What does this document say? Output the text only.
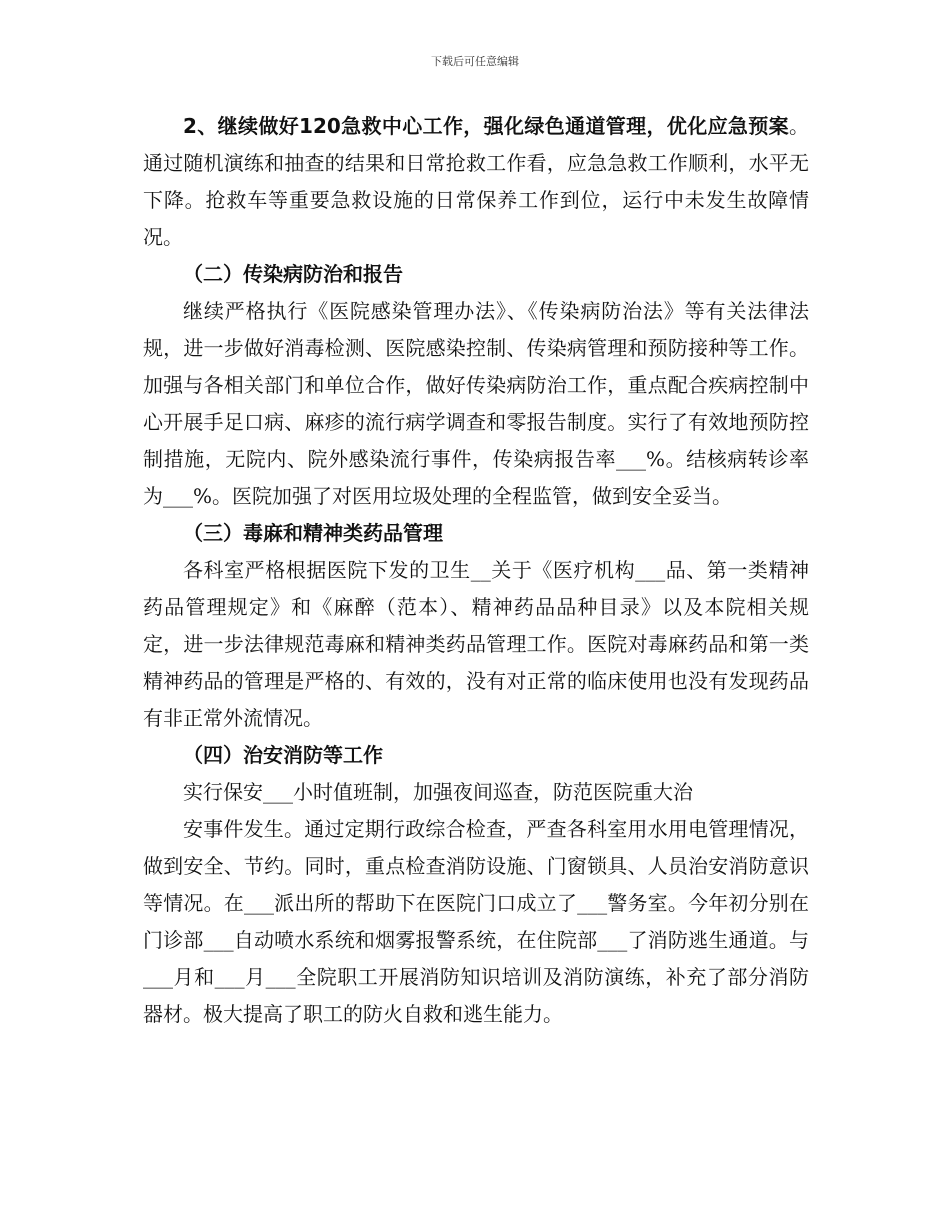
下载后可任意编辑

2、继续做好120急救中心工作，强化绿色通道管理，优化应急预案。通过随机演练和抽查的结果和日常抢救工作看，应急急救工作顺利，水平无下降。抢救车等重要急救设施的日常保养工作到位，运行中未发生故障情况。

（二）传染病防治和报告

继续严格执行《医院感染管理办法》、《传染病防治法》等有关法律法规，进一步做好消毒检测、医院感染控制、传染病管理和预防接种等工作。加强与各相关部门和单位合作，做好传染病防治工作，重点配合疾病控制中心开展手足口病、麻疹的流行病学调查和零报告制度。实行了有效地预防控制措施，无院内、院外感染流行事件，传染病报告率___%。结核病转诊率为___%。医院加强了对医用垃圾处理的全程监管，做到安全妥当。

（三）毒麻和精神类药品管理

各科室严格根据医院下发的卫生__关于《医疗机构___品、第一类精神药品管理规定》和《麻醉（范本）、精神药品品种目录》以及本院相关规定，进一步法律规范毒麻和精神类药品管理工作。医院对毒麻药品和第一类精神药品的管理是严格的、有效的，没有对正常的临床使用也没有发现药品有非正常外流情况。

（四）治安消防等工作

实行保安___小时值班制，加强夜间巡查，防范医院重大治

安事件发生。通过定期行政综合检查，严查各科室用水用电管理情况，做到安全、节约。同时，重点检查消防设施、门窗锁具、人员治安消防意识等情况。在___派出所的帮助下在医院门口成立了___警务室。今年初分别在门诊部___自动喷水系统和烟雾报警系统，在住院部___了消防逃生通道。与___月和___月___全院职工开展消防知识培训及消防演练，补充了部分消防器材。极大提高了职工的防火自救和逃生能力。
